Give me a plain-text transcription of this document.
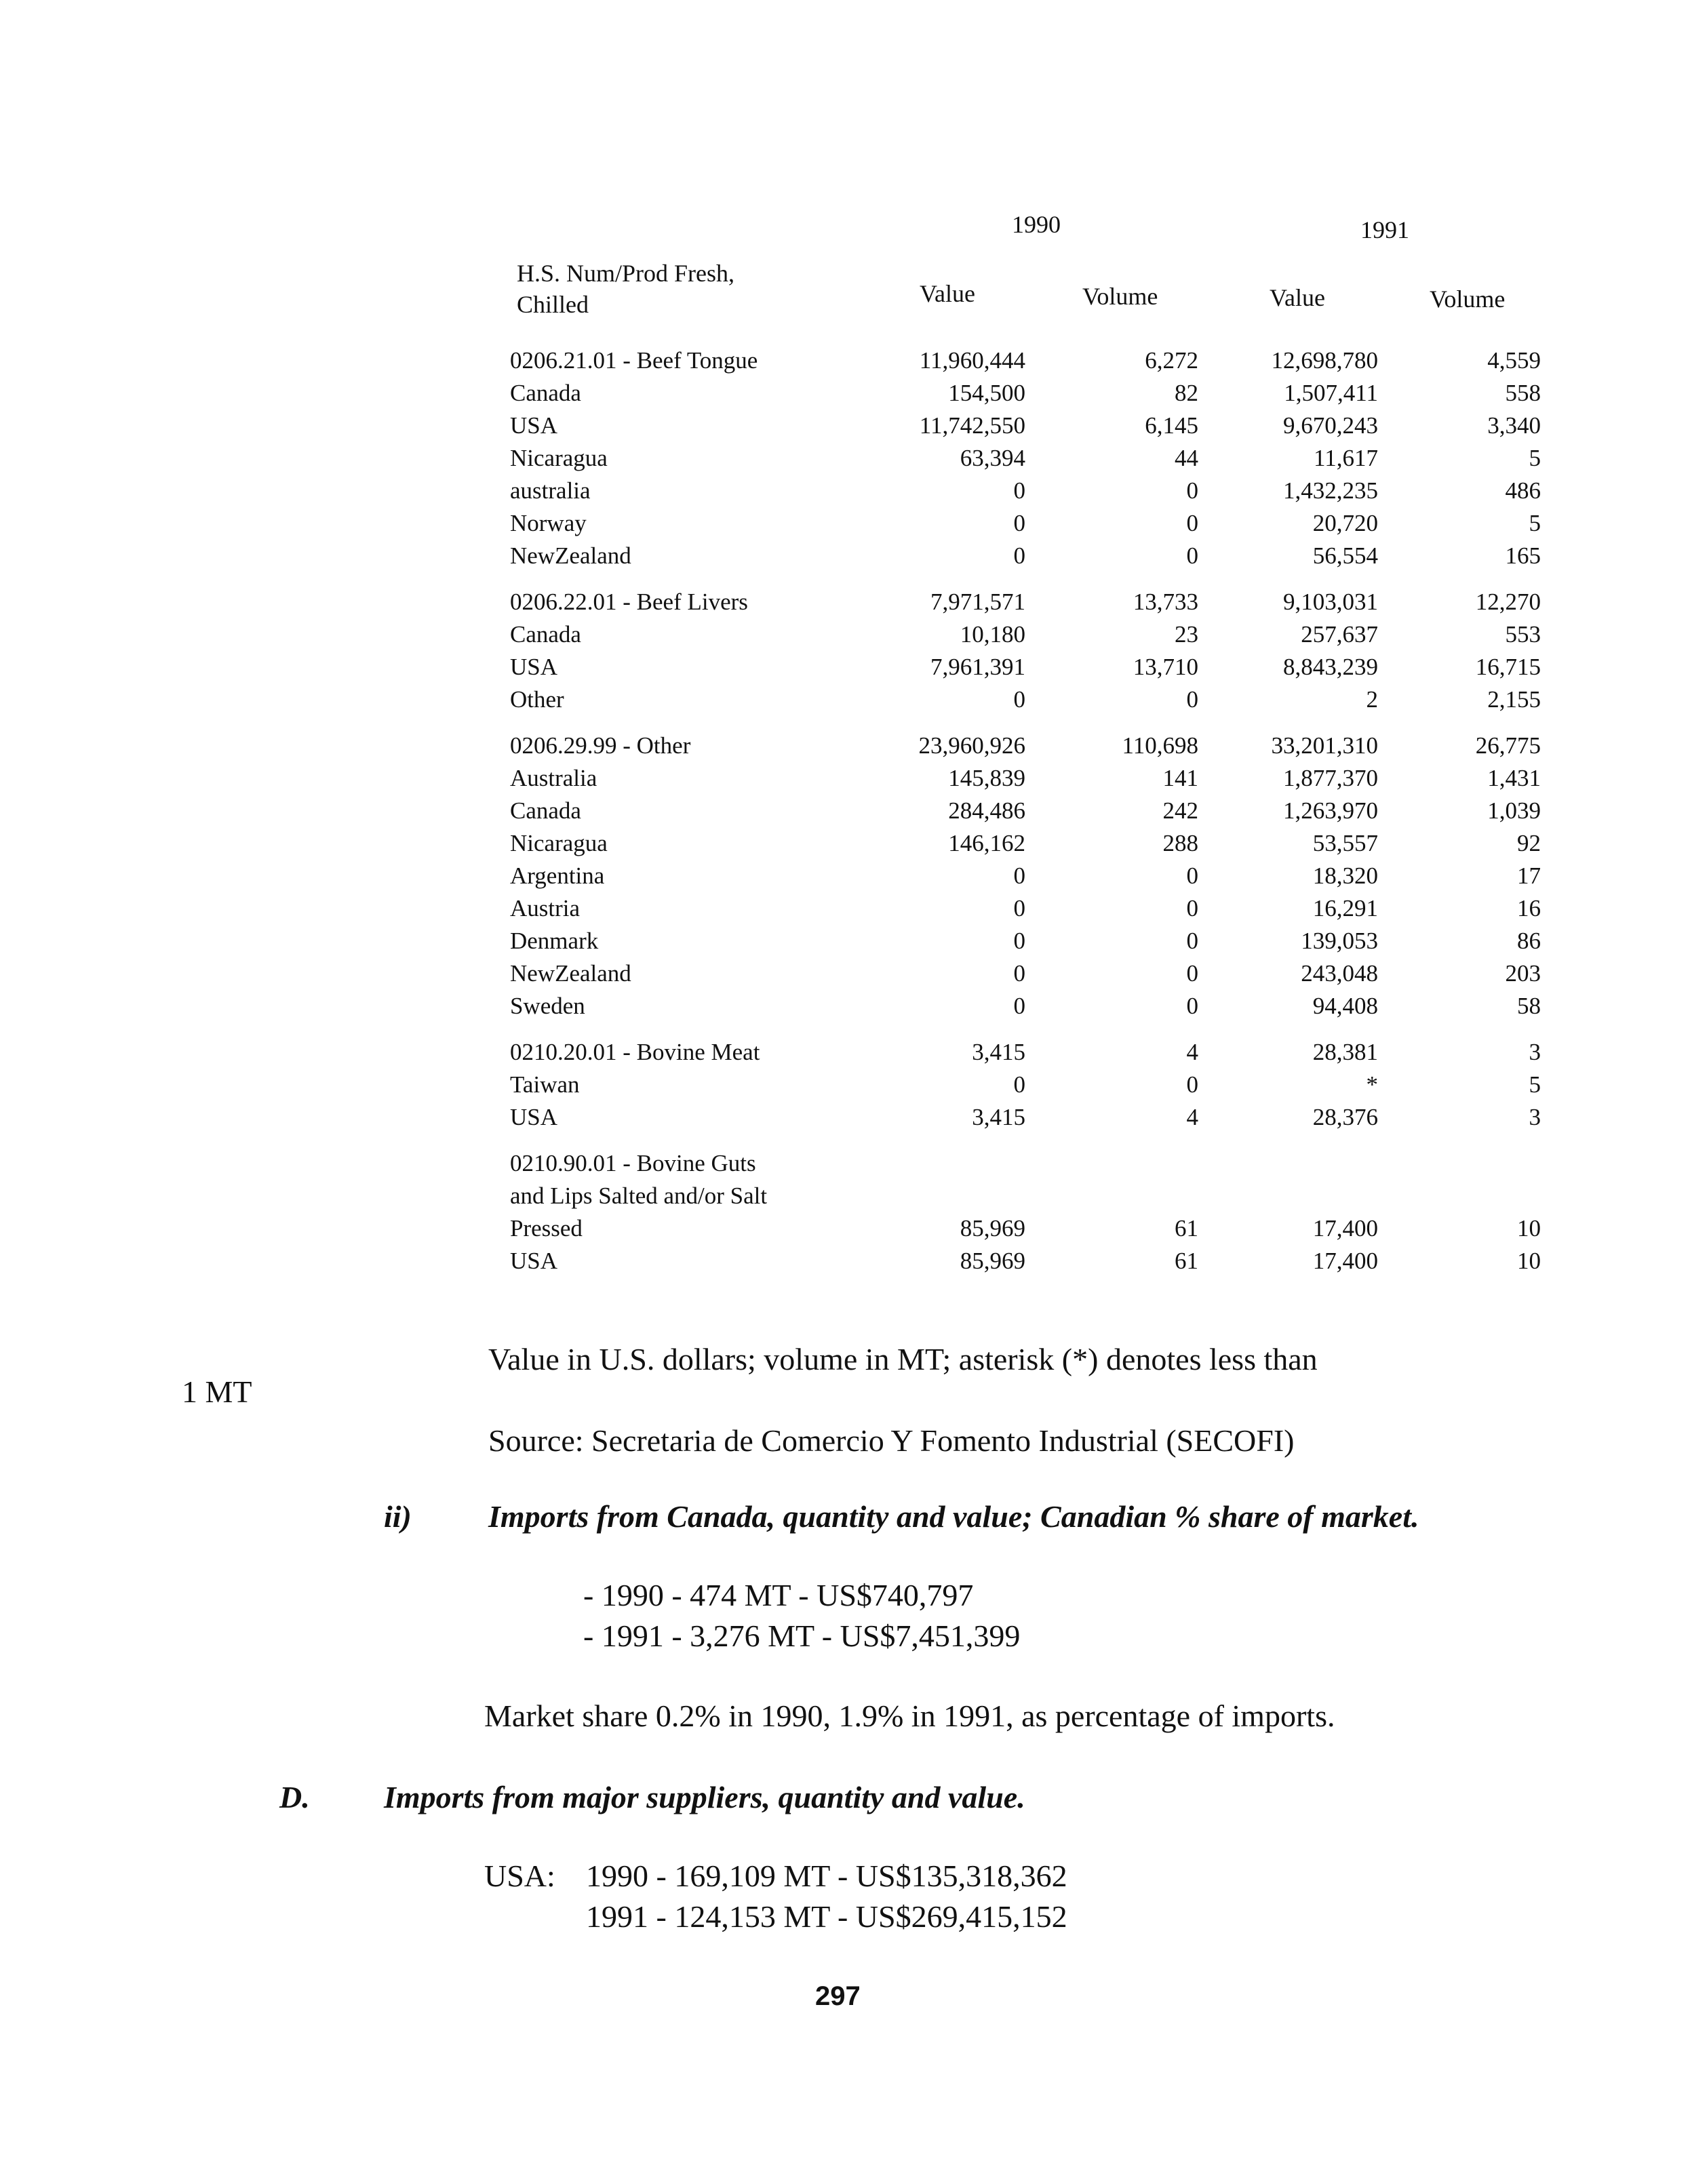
1990	1991
H.S. Num/Prod Fresh,
Chilled	Value	Volume	Value	Volume
0206.21.01 - Beef Tongue	11,960,444	6,272	12,698,780	4,559
Canada	154,500	82	1,507,411	558
USA	11,742,550	6,145	9,670,243	3,340
Nicaragua	63,394	44	11,617	5
australia	0	0	1,432,235	486
Norway	0	0	20,720	5
NewZealand	0	0	56,554	165

0206.22.01 - Beef Livers	7,971,571	13,733	9,103,031	12,270
Canada	10,180	23	257,637	553
USA	7,961,391	13,710	8,843,239	16,715
Other	0	0	2	2,155

0206.29.99 - Other	23,960,926	110,698	33,201,310	26,775
Australia	145,839	141	1,877,370	1,431
Canada	284,486	242	1,263,970	1,039
Nicaragua	146,162	288	53,557	92
Argentina	0	0	18,320	17
Austria	0	0	16,291	16
Denmark	0	0	139,053	86
NewZealand	0	0	243,048	203
Sweden	0	0	94,408	58

0210.20.01 - Bovine Meat	3,415	4	28,381	3
Taiwan	0	0	*	5
USA	3,415	4	28,376	3

0210.90.01 - Bovine Guts				
and Lips Salted and/or Salt				
Pressed	85,969	61	17,400	10
USA	85,969	61	17,400	10
Value in U.S. dollars; volume in MT; asterisk (*) denotes less than
1 MT
Source: Secretaria de Comercio Y Fomento Industrial (SECOFI)
ii) Imports from Canada, quantity and value; Canadian % share of market.
- 1990 - 474 MT - US$740,797
- 1991 - 3,276 MT - US$7,451,399
Market share 0.2% in 1990, 1.9% in 1991, as percentage of imports.
D. Imports from major suppliers, quantity and value.
USA: 1990 - 169,109 MT - US$135,318,362
1991 - 124,153 MT - US$269,415,152
297
